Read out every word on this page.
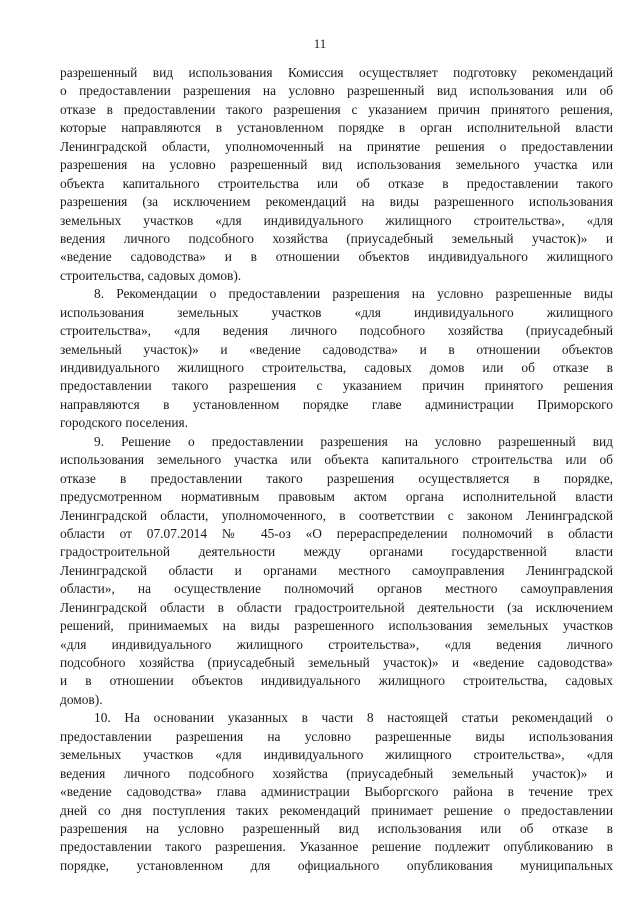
11
разрешенный вид использования Комиссия осуществляет подготовку рекомендаций
о предоставлении разрешения на условно разрешенный вид использования или об
отказе в предоставлении такого разрешения с указанием причин принятого решения,
которые направляются в установленном порядке в орган исполнительной власти
Ленинградской области, уполномоченный на принятие решения о предоставлении
разрешения на условно разрешенный вид использования земельного участка или
объекта капитального строительства или об отказе в предоставлении такого
разрешения (за исключением рекомендаций на виды разрешенного использования
земельных участков «для индивидуального жилищного строительства», «для
ведения личного подсобного хозяйства (приусадебный земельный участок)» и
«ведение садоводства» и в отношении объектов индивидуального жилищного
строительства, садовых домов).
8. Рекомендации о предоставлении разрешения на условно разрешенные виды
использования земельных участков «для индивидуального жилищного
строительства», «для ведения личного подсобного хозяйства (приусадебный
земельный участок)» и «ведение садоводства» и в отношении объектов
индивидуального жилищного строительства, садовых домов или об отказе в
предоставлении такого разрешения с указанием причин принятого решения
направляются в установленном порядке главе администрации Приморского
городского поселения.
9. Решение о предоставлении разрешения на условно разрешенный вид
использования земельного участка или объекта капитального строительства или об
отказе в предоставлении такого разрешения осуществляется в порядке,
предусмотренном нормативным правовым актом органа исполнительной власти
Ленинградской области, уполномоченного, в соответствии с законом Ленинградской
области от 07.07.2014 № 45-оз «О перераспределении полномочий в области
градостроительной деятельности между органами государственной власти
Ленинградской области и органами местного самоуправления Ленинградской
области», на осуществление полномочий органов местного самоуправления
Ленинградской области в области градостроительной деятельности (за исключением
решений, принимаемых на виды разрешенного использования земельных участков
«для индивидуального жилищного строительства», «для ведения личного
подсобного хозяйства (приусадебный земельный участок)» и «ведение садоводства»
и в отношении объектов индивидуального жилищного строительства, садовых
домов).
10. На основании указанных в части 8 настоящей статьи рекомендаций о
предоставлении разрешения на условно разрешенные виды использования
земельных участков «для индивидуального жилищного строительства», «для
ведения личного подсобного хозяйства (приусадебный земельный участок)» и
«ведение садоводства» глава администрации Выборгского района в течение трех
дней со дня поступления таких рекомендаций принимает решение о предоставлении
разрешения на условно разрешенный вид использования или об отказе в
предоставлении такого разрешения. Указанное решение подлежит опубликованию в
порядке, установленном для официального опубликования муниципальных
